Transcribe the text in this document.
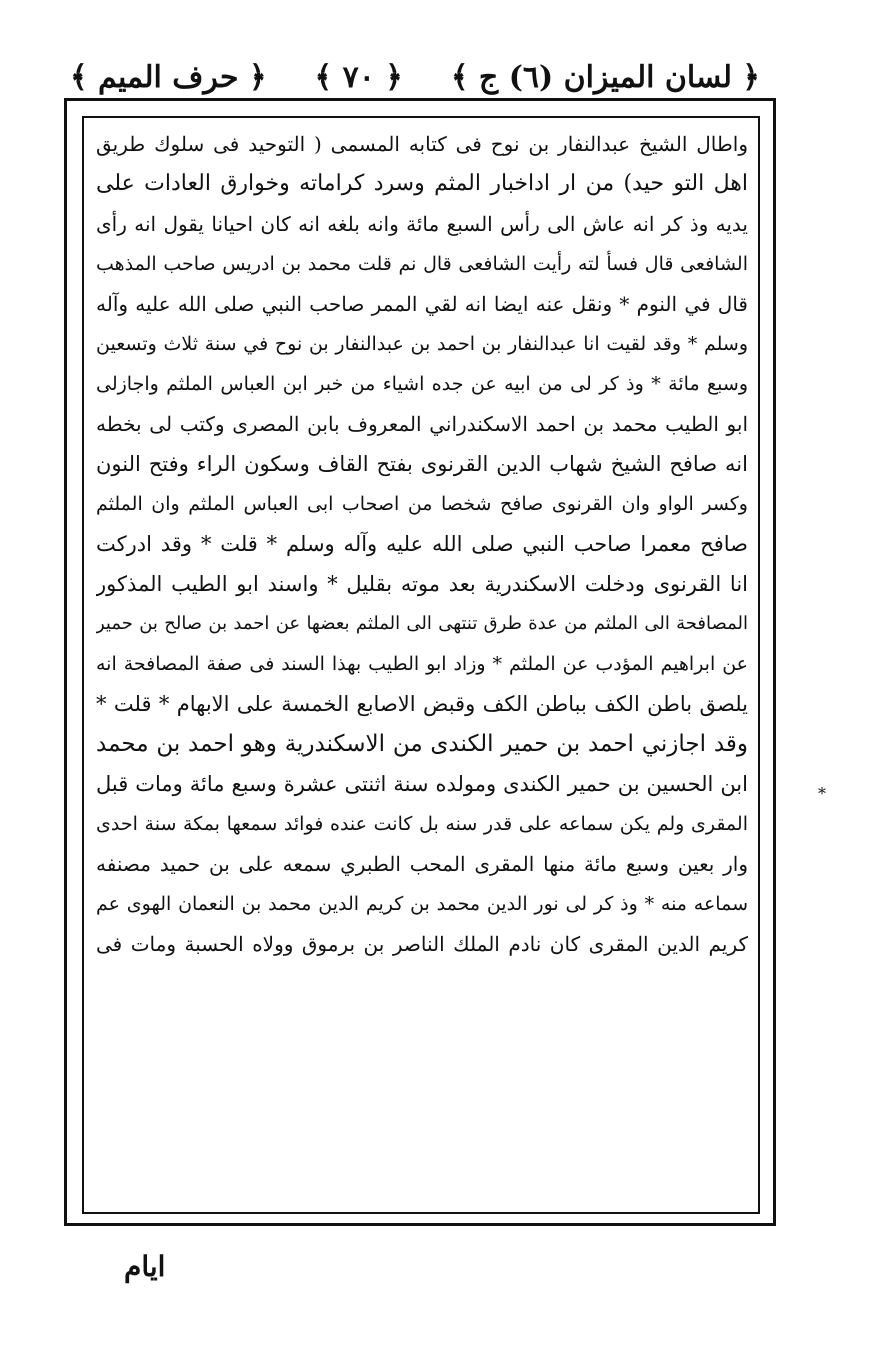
﴿ لسان الميزان (٦) ج ﴾
﴿ ٧٠ ﴾
﴿ حرف الميم ﴾
واطال الشيخ عبدالنفار بن نوح فى كتابه المسمى ( التوحيد فى سلوك طريق
اهل التو حيد) من ار اداخبار المثم وسرد كراماته وخوارق العادات على
يديه وذ كر انه عاش الى رأس السبع مائة وانه بلغه انه كان احيانا يقول انه رأى
الشافعى قال فسأ لته رأيت الشافعى قال نم قلت محمد بن ادريس صاحب المذهب
قال في النوم * ونقل عنه ايضا انه لقي الممر صاحب النبي صلى الله عليه وآله
وسلم * وقد لقيت انا عبدالنفار بن احمد بن عبدالنفار بن نوح في سنة ثلاث وتسعين
وسبع مائة * وذ كر لى من ابيه عن جده اشياء من خبر ابن العباس الملثم واجازلى
ابو الطيب محمد بن احمد الاسكندراني المعروف بابن المصرى وكتب لى بخطه
انه صافح الشيخ شهاب الدين القرنوى بفتح القاف وسكون الراء وفتح النون
وكسر الواو وان القرنوى صافح شخصا من اصحاب ابى العباس الملثم وان الملثم
صافح معمرا صاحب النبي صلى الله عليه وآله وسلم * قلت * وقد ادركت
انا القرنوى ودخلت الاسكندرية بعد موته بقليل * واسند ابو الطيب المذكور
المصافحة الى الملثم من عدة طرق تنتهى الى الملثم بعضها عن احمد بن صالح بن حمير
عن ابراهيم المؤدب عن الملثم * وزاد ابو الطيب بهذا السند فى صفة المصافحة انه
يلصق باطن الكف بباطن الكف وقبض الاصابع الخمسة على الابهام * قلت *
وقد اجازني احمد بن حمير الكندى من الاسكندرية وهو احمد بن محمد
ابن الحسين بن حمير الكندى ومولده سنة اثنتى عشرة وسبع مائة ومات قبل
المقرى ولم يكن سماعه على قدر سنه بل كانت عنده فوائد سمعها بمكة سنة احدى
وار بعين وسبع مائة منها المقرى المحب الطبري سمعه على بن حميد مصنفه
سماعه منه * وذ كر لى نور الدين محمد بن كريم الدين محمد بن النعمان الهوى عم
كريم الدين المقرى كان نادم الملك الناصر بن برموق وولاه الحسبة ومات فى
*
ايام
